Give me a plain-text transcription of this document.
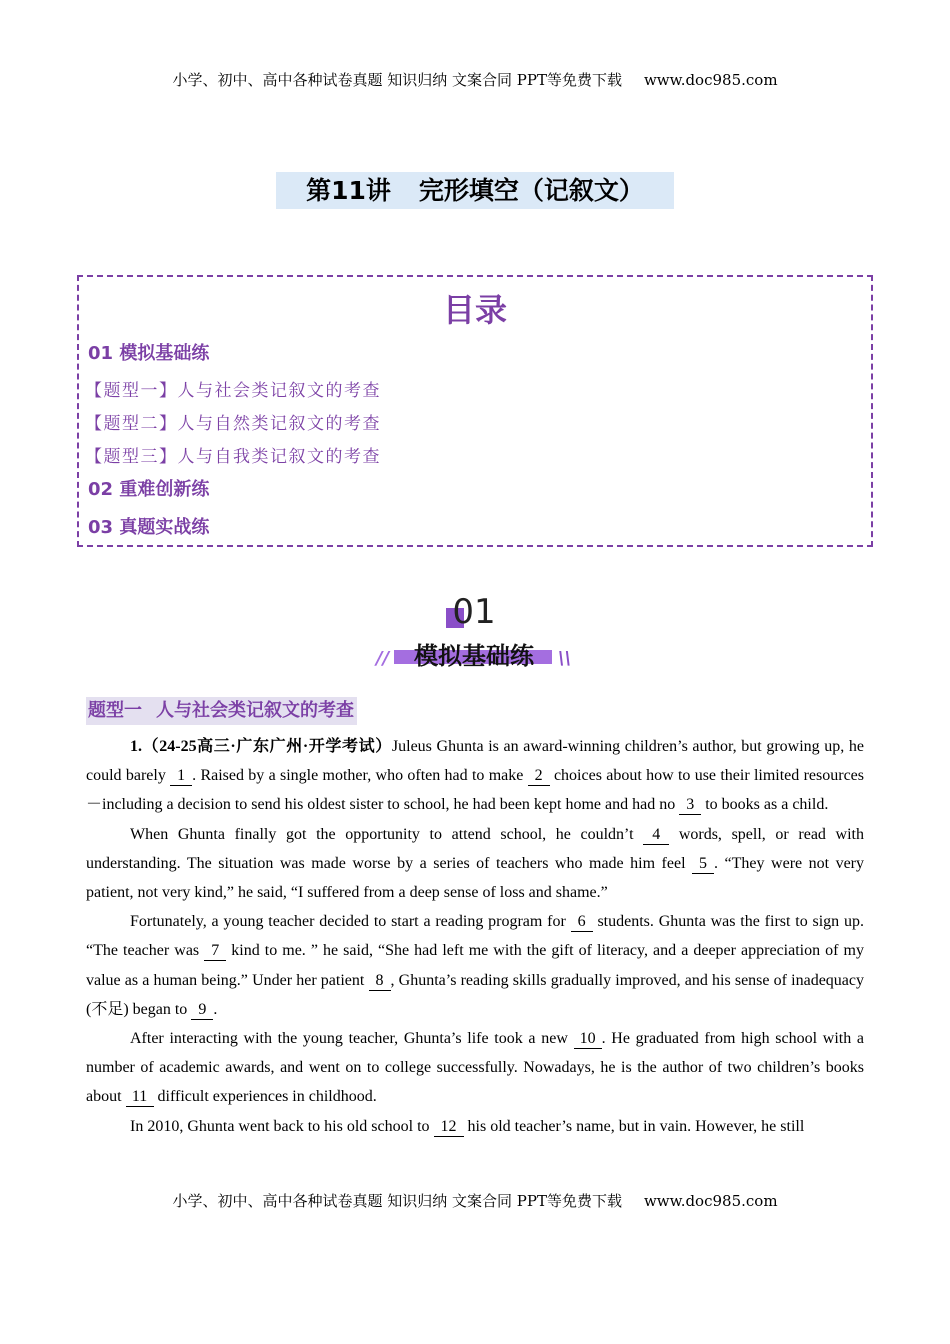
小学、初中、高中各种试卷真题 知识归纳 文案合同 PPT等免费下载 www.doc985.com
第11讲 完形填空（记叙文）
目录
01 模拟基础练
【题型一】人与社会类记叙文的考查
【题型二】人与自然类记叙文的考查
【题型三】人与自我类记叙文的考查
02 重难创新练
03 真题实战练
01
模拟基础练
//	\\
题型一 人与社会类记叙文的考查

1.（24-25高三·广东广州·开学考试）Juleus Ghunta is an award-winning children’s author, but growing up, he could barely 1 . Raised by a single mother, who often had to make 2 choices about how to use their limited resources－including a decision to send his oldest sister to school, he had been kept home and had no 3 to books as a child.

When Ghunta finally got the opportunity to attend school, he couldn’t 4 words, spell, or read with understanding. The situation was made worse by a series of teachers who made him feel 5 . “They were not very patient, not very kind,” he said, “I suffered from a deep sense of loss and shame.”

Fortunately, a young teacher decided to start a reading program for 6 students. Ghunta was the first to sign up. “The teacher was 7 kind to me. ” he said, “She had left me with the gift of literacy, and a deeper appreciation of my value as a human being.” Under her patient 8 , Ghunta’s reading skills gradually improved, and his sense of inadequacy (不足) began to 9 .

After interacting with the young teacher, Ghunta’s life took a new 10 . He graduated from high school with a number of academic awards, and went on to college successfully. Nowadays, he is the author of two children’s books about 11 difficult experiences in childhood.

In 2010, Ghunta went back to his old school to 12 his old teacher’s name, but in vain. However, he still

小学、初中、高中各种试卷真题 知识归纳 文案合同 PPT等免费下载 www.doc985.com
